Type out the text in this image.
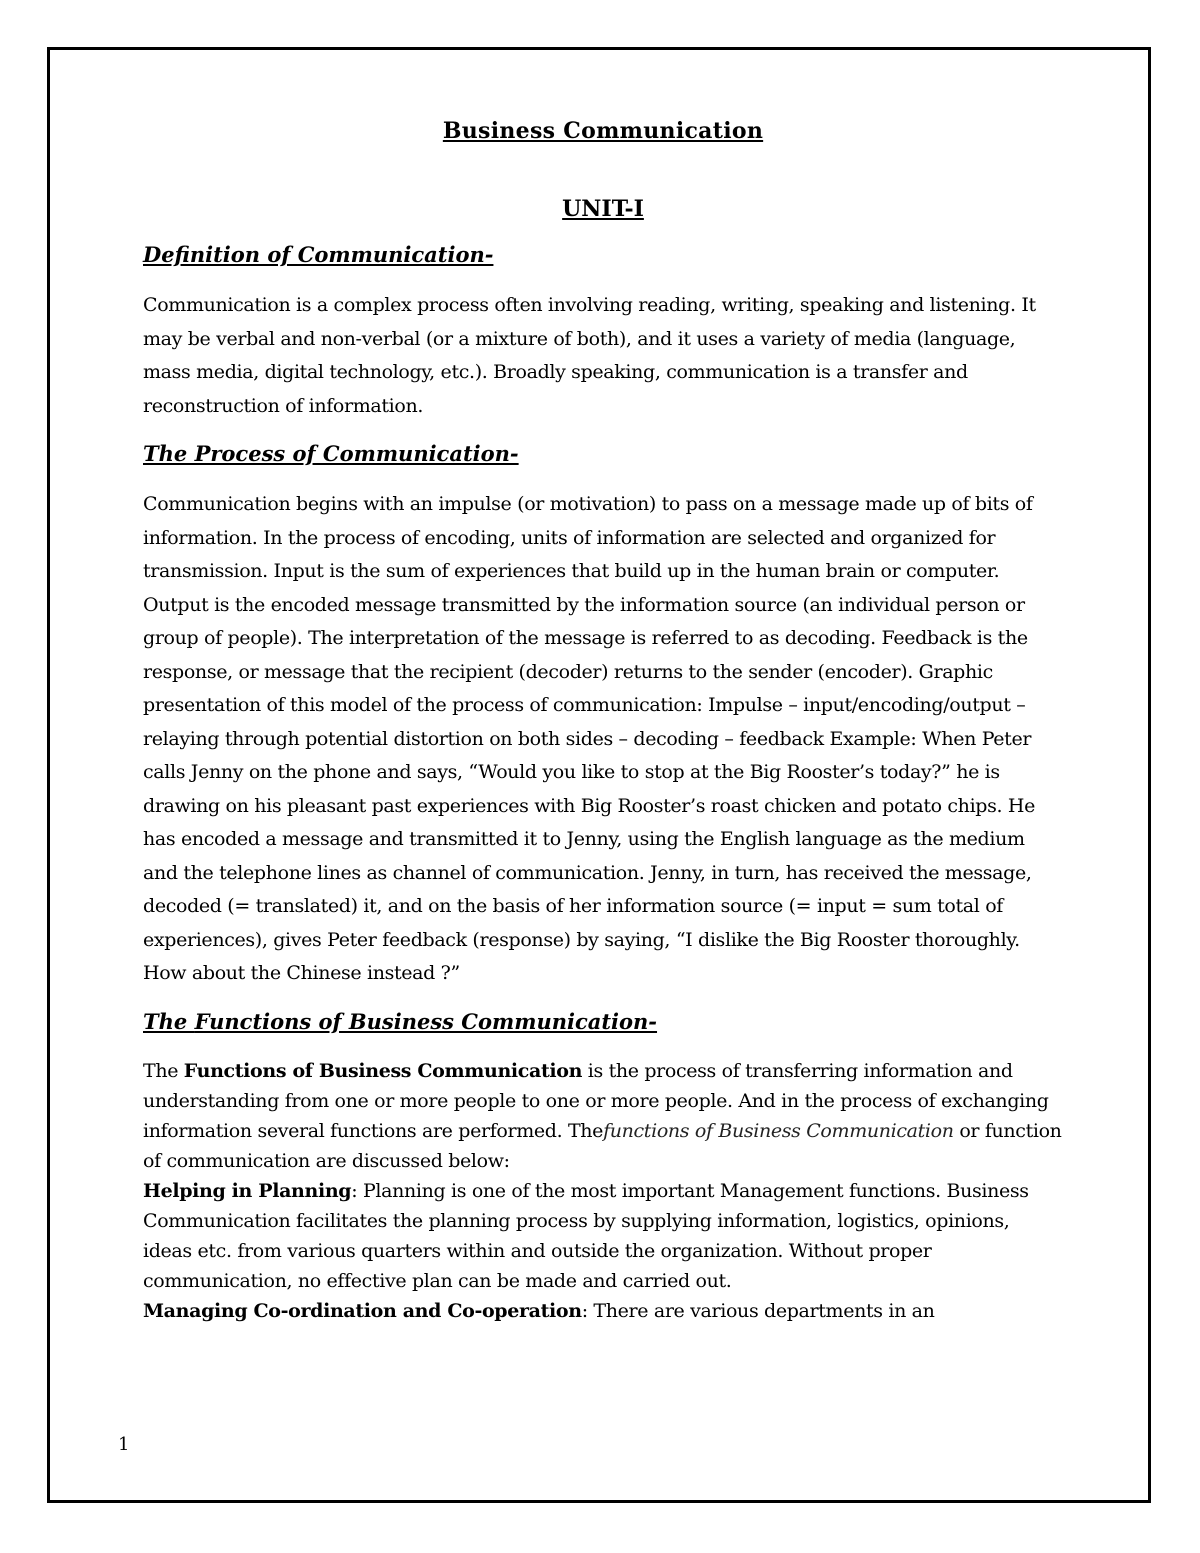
Business Communication
UNIT-I
Definition of Communication-

Communication is a complex process often involving reading, writing, speaking and listening. It may be verbal and non-verbal (or a mixture of both), and it uses a variety of media (language, mass media, digital technology, etc.). Broadly speaking, communication is a transfer and reconstruction of information.

The Process of Communication-

Communication begins with an impulse (or motivation) to pass on a message made up of bits of information. In the process of encoding, units of information are selected and organized for transmission. Input is the sum of experiences that build up in the human brain or computer. Output is the encoded message transmitted by the information source (an individual person or group of people). The interpretation of the message is referred to as decoding. Feedback is the response, or message that the recipient (decoder) returns to the sender (encoder). Graphic presentation of this model of the process of communication: Impulse – input/encoding/output – relaying through potential distortion on both sides – decoding – feedback Example: When Peter calls Jenny on the phone and says, “Would you like to stop at the Big Rooster’s today?” he is drawing on his pleasant past experiences with Big Rooster’s roast chicken and potato chips. He has encoded a message and transmitted it to Jenny, using the English language as the medium and the telephone lines as channel of communication. Jenny, in turn, has received the message, decoded (= translated) it, and on the basis of her information source (= input = sum total of experiences), gives Peter feedback (response) by saying, “I dislike the Big Rooster thoroughly. How about the Chinese instead ?”

The Functions of Business Communication-

The Functions of Business Communication is the process of transferring information and understanding from one or more people to one or more people. And in the process of exchanging information several functions are performed. Thefunctions of Business Communication or function of communication are discussed below:
Helping in Planning: Planning is one of the most important Management functions. Business Communication facilitates the planning process by supplying information, logistics, opinions, ideas etc. from various quarters within and outside the organization. Without proper communication, no effective plan can be made and carried out.
Managing Co-ordination and Co-operation: There are various departments in an

1
